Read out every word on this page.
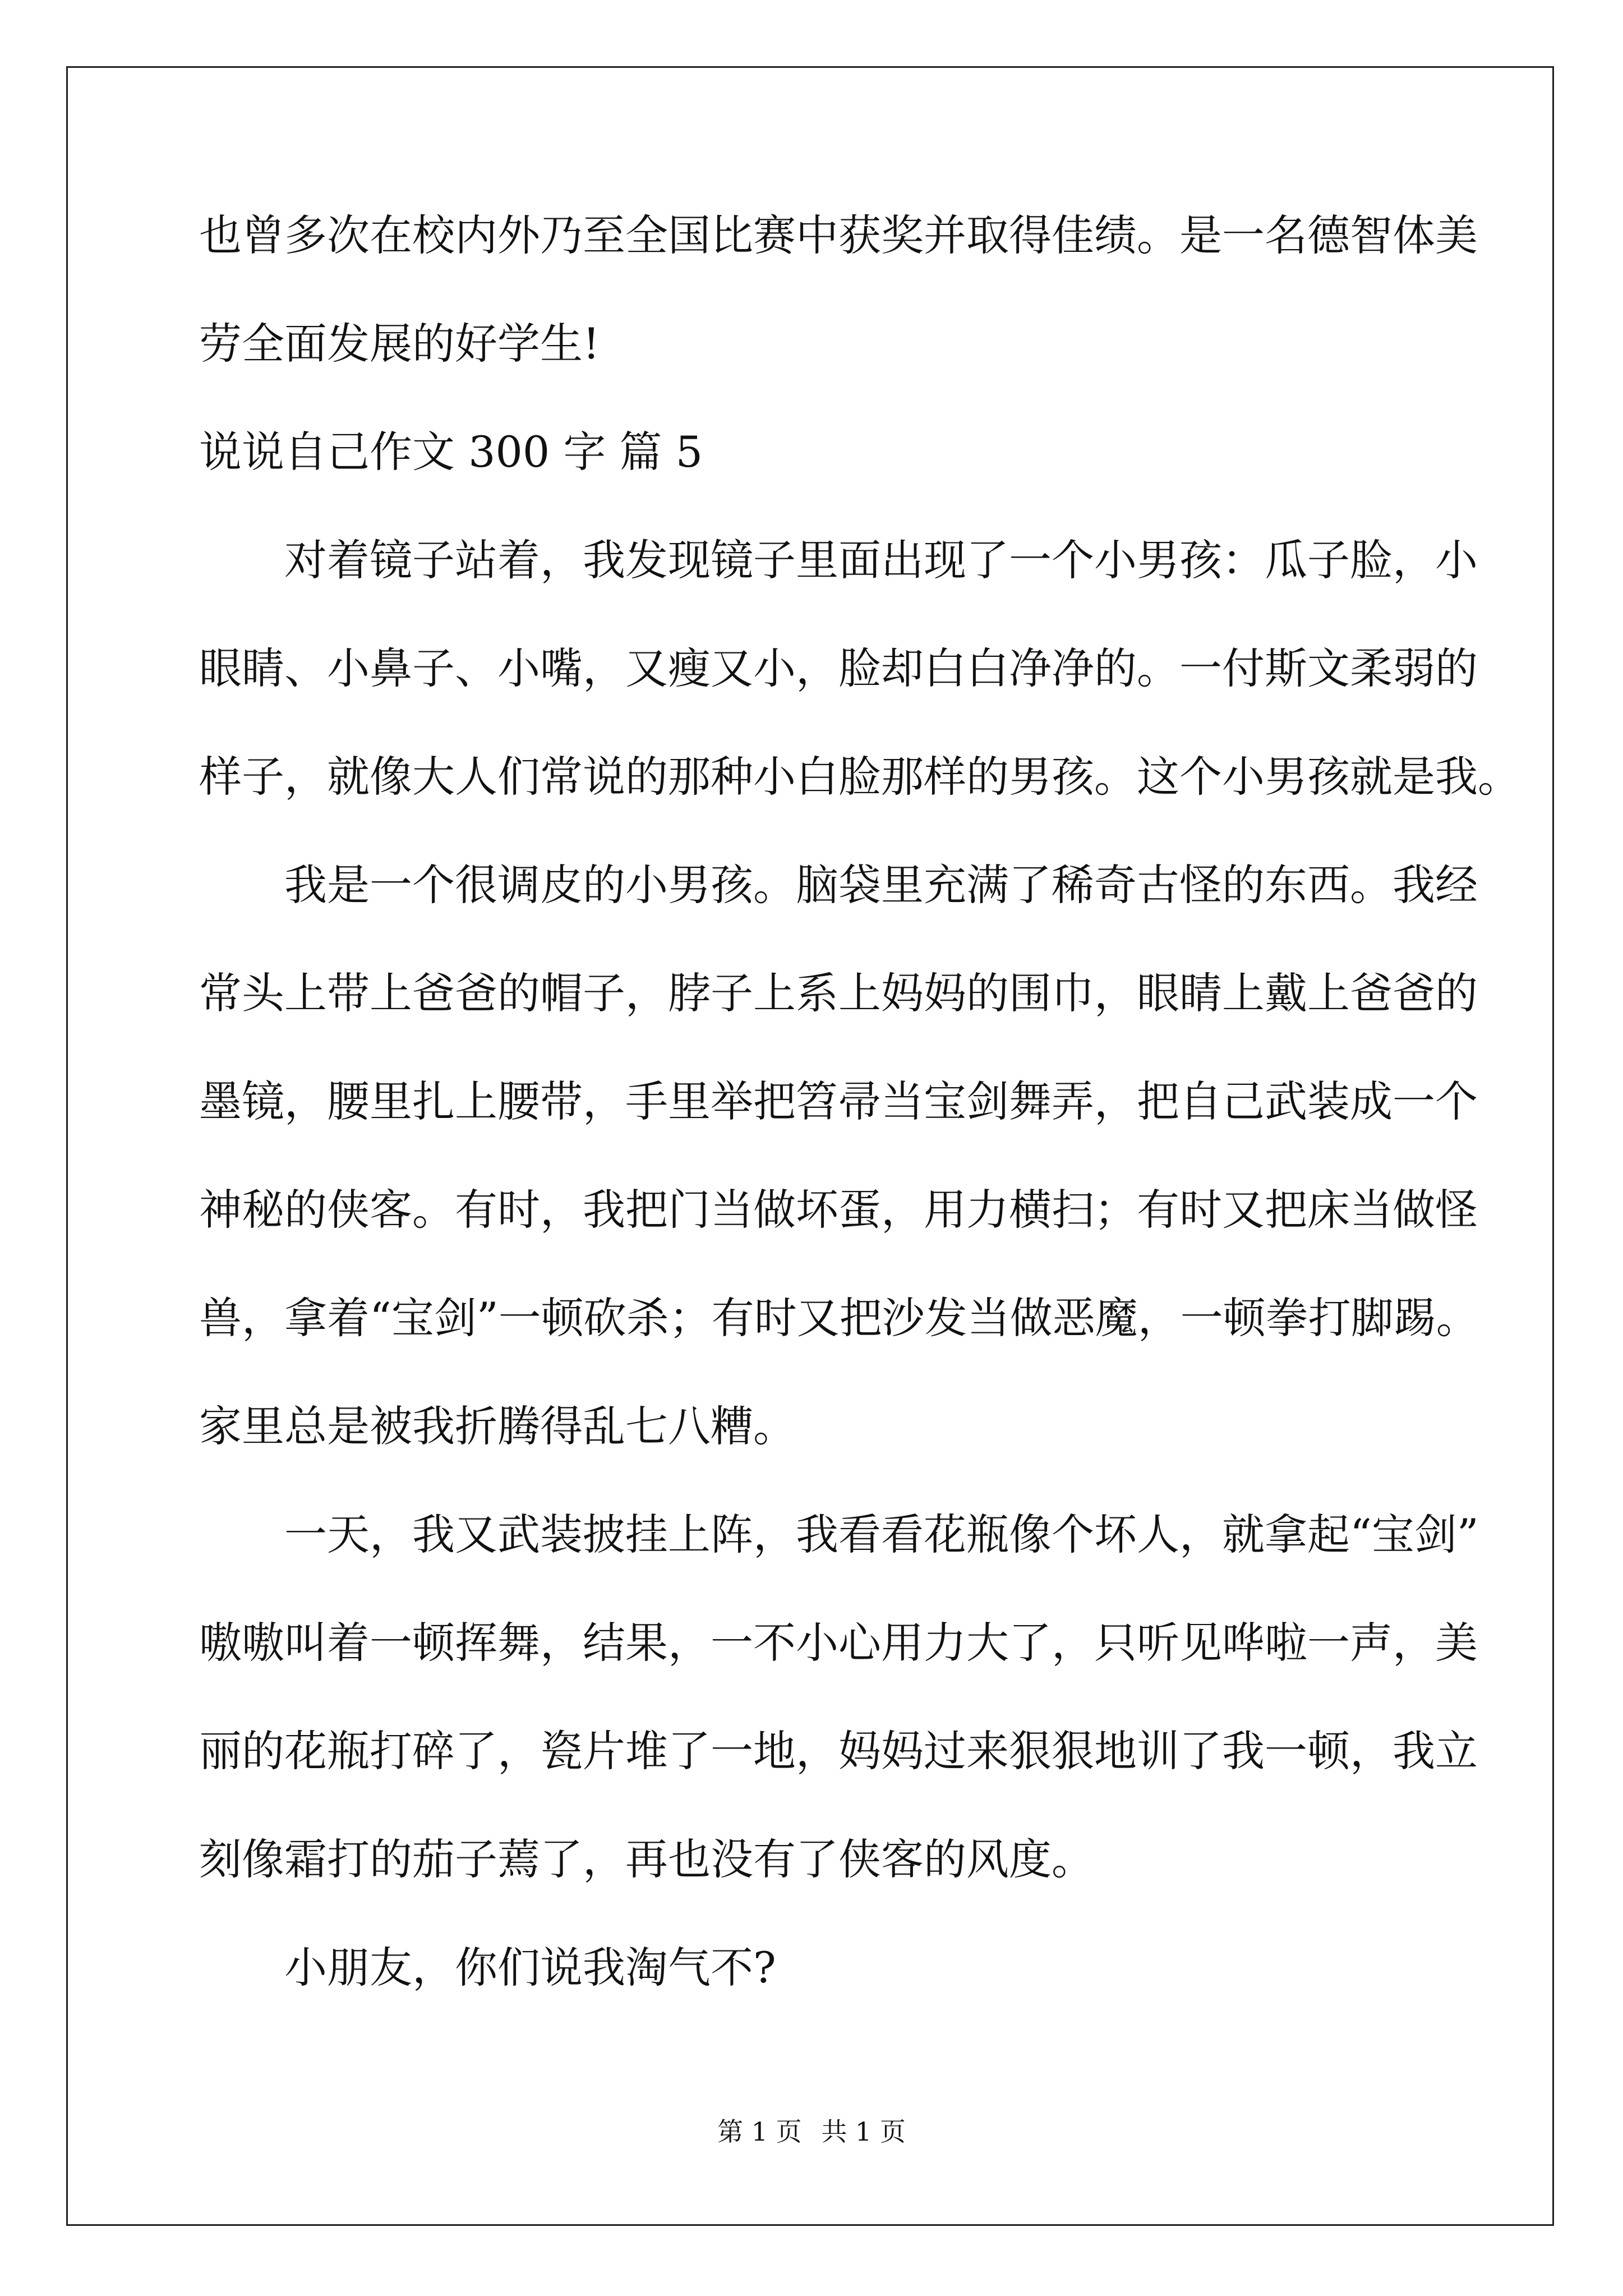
也曾多次在校内外乃至全国比赛中获奖并取得佳绩。是一名德智体美
劳全面发展的好学生!
说说自己作文 300 字 篇 5
对着镜子站着，我发现镜子里面出现了一个小男孩：瓜子脸，小
眼睛、小鼻子、小嘴，又瘦又小，脸却白白净净的。一付斯文柔弱的
样子，就像大人们常说的那种小白脸那样的男孩。这个小男孩就是我。
我是一个很调皮的小男孩。脑袋里充满了稀奇古怪的东西。我经
常头上带上爸爸的帽子，脖子上系上妈妈的围巾，眼睛上戴上爸爸的
墨镜，腰里扎上腰带，手里举把笤帚当宝剑舞弄，把自己武装成一个
神秘的侠客。有时，我把门当做坏蛋，用力横扫；有时又把床当做怪
兽，拿着“宝剑”一顿砍杀；有时又把沙发当做恶魔，一顿拳打脚踢。
家里总是被我折腾得乱七八糟。
一天，我又武装披挂上阵，我看看花瓶像个坏人，就拿起“宝剑”
嗷嗷叫着一顿挥舞，结果，一不小心用力大了，只听见哗啦一声，美
丽的花瓶打碎了，瓷片堆了一地，妈妈过来狠狠地训了我一顿，我立
刻像霜打的茄子蔫了，再也没有了侠客的风度。
小朋友，你们说我淘气不?
第 1 页 共 1 页
